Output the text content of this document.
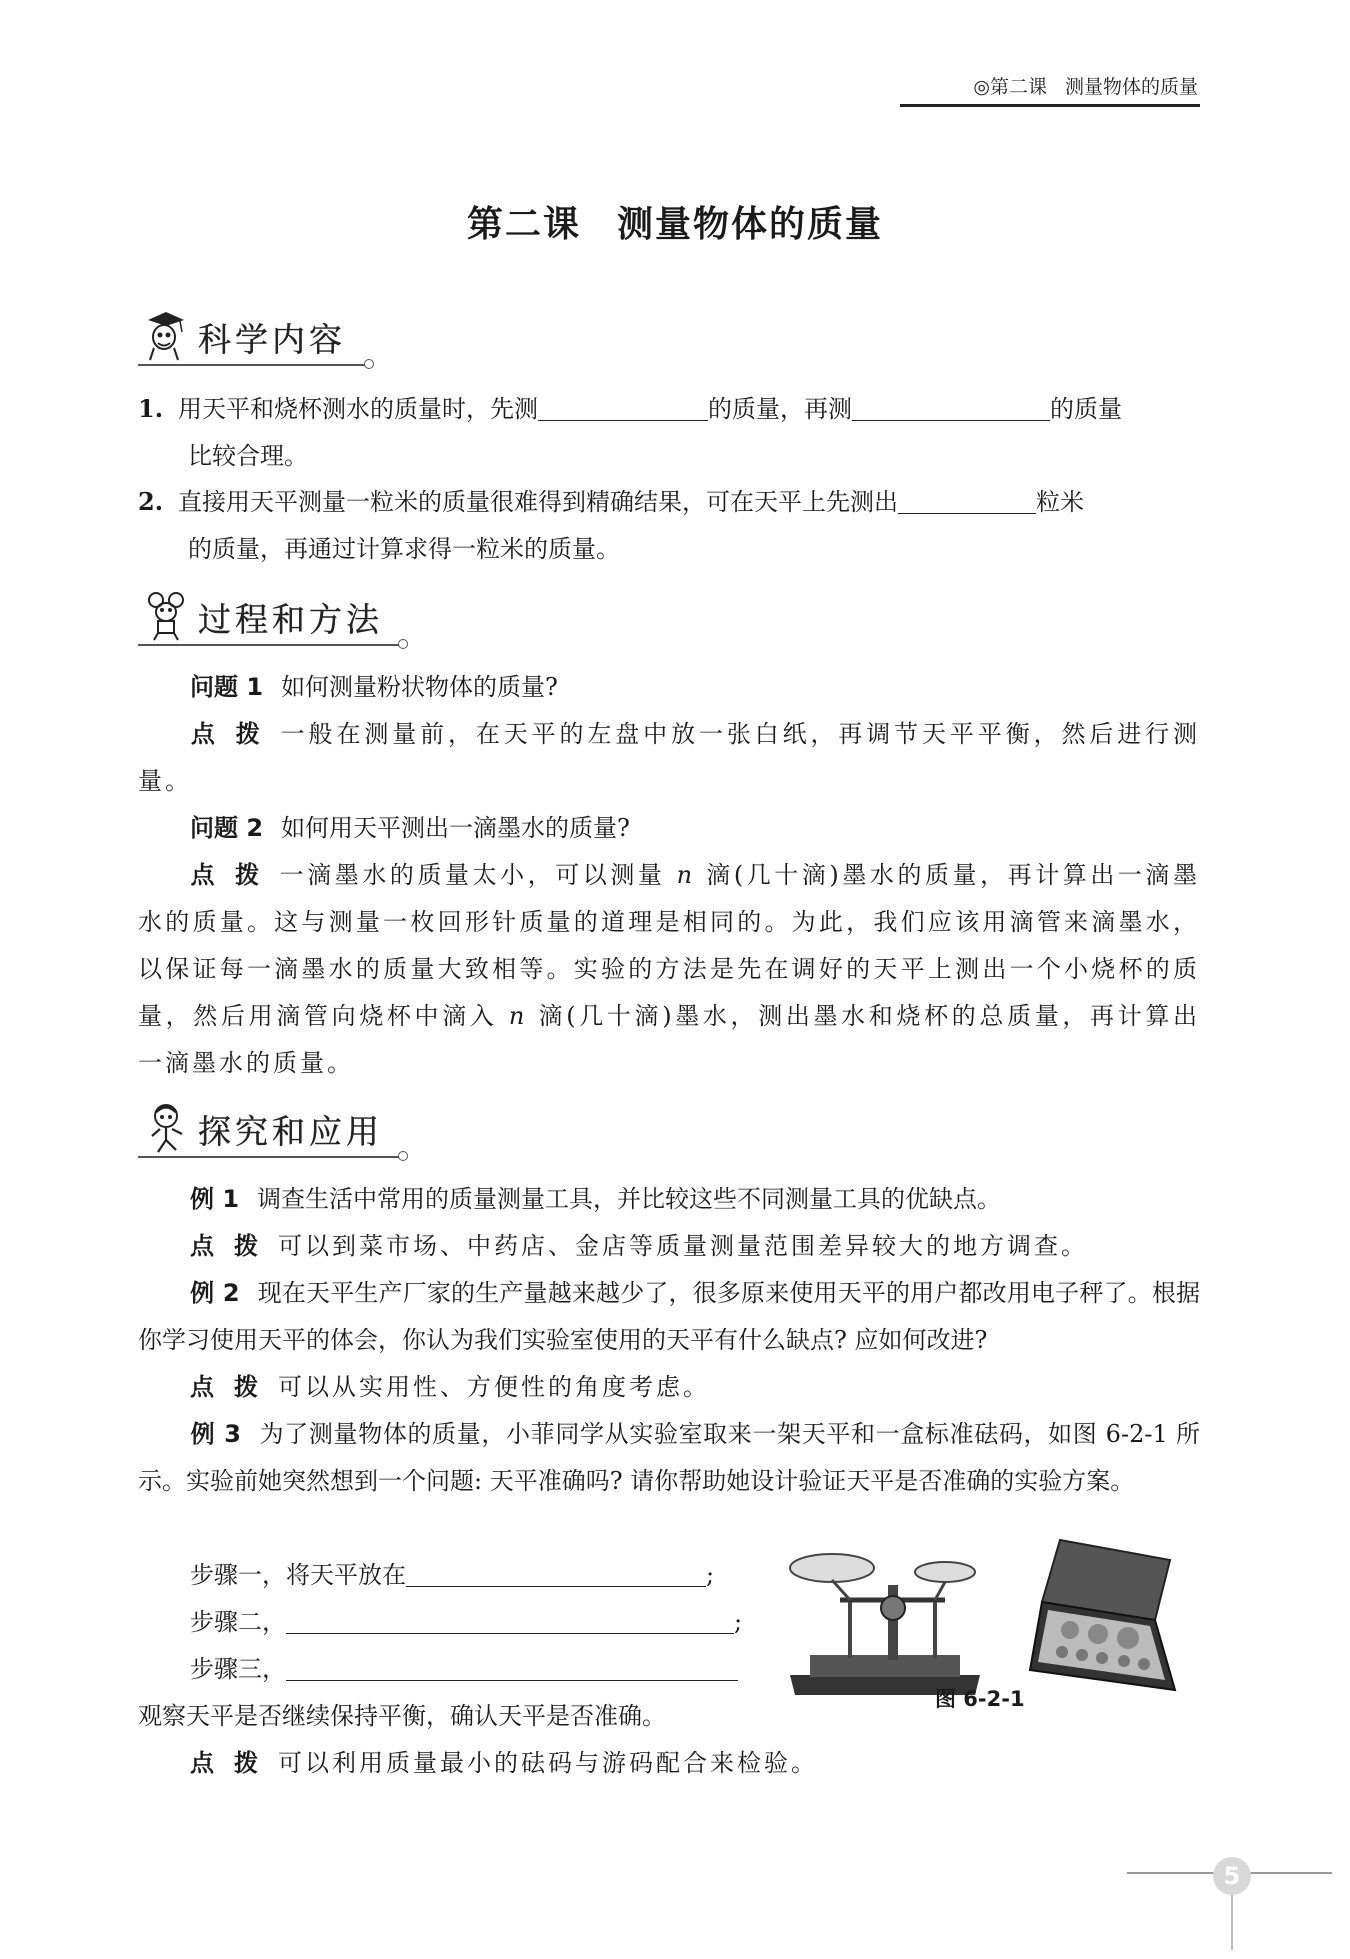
◎第二课 测量物体的质量
第二课 测量物体的质量
科学内容
1. 用天平和烧杯测水的质量时，先测	的质量，再测	的质量
比较合理。
2. 直接用天平测量一粒米的质量很难得到精确结果，可在天平上先测出	粒米
的质量，再通过计算求得一粒米的质量。
过程和方法
问题 1 如何测量粉状物体的质量?
点拨一般在测量前，在天平的左盘中放一张白纸，再调节天平平衡，然后进行测量。
问题 2 如何用天平测出一滴墨水的质量?
点拨一滴墨水的质量太小，可以测量 n 滴(几十滴)墨水的质量，再计算出一滴墨水的质量。这与测量一枚回形针质量的道理是相同的。为此，我们应该用滴管来滴墨水，以保证每一滴墨水的质量大致相等。实验的方法是先在调好的天平上测出一个小烧杯的质量，然后用滴管向烧杯中滴入 n 滴(几十滴)墨水，测出墨水和烧杯的总质量，再计算出一滴墨水的质量。
探究和应用
例 1 调查生活中常用的质量测量工具，并比较这些不同测量工具的优缺点。
点拨可以到菜市场、中药店、金店等质量测量范围差异较大的地方调查。
例 2 现在天平生产厂家的生产量越来越少了，很多原来使用天平的用户都改用电子秤了。根据你学习使用天平的体会，你认为我们实验室使用的天平有什么缺点? 应如何改进?
点拨可以从实用性、方便性的角度考虑。
例 3 为了测量物体的质量，小菲同学从实验室取来一架天平和一盒标准砝码，如图 6-2-1 所示。实验前她突然想到一个问题: 天平准确吗? 请你帮助她设计验证天平是否准确的实验方案。
步骤一，将天平放在	;
步骤二，	;
步骤三，
观察天平是否继续保持平衡，确认天平是否准确。
点拨可以利用质量最小的砝码与游码配合来检验。
图 6-2-1
5
